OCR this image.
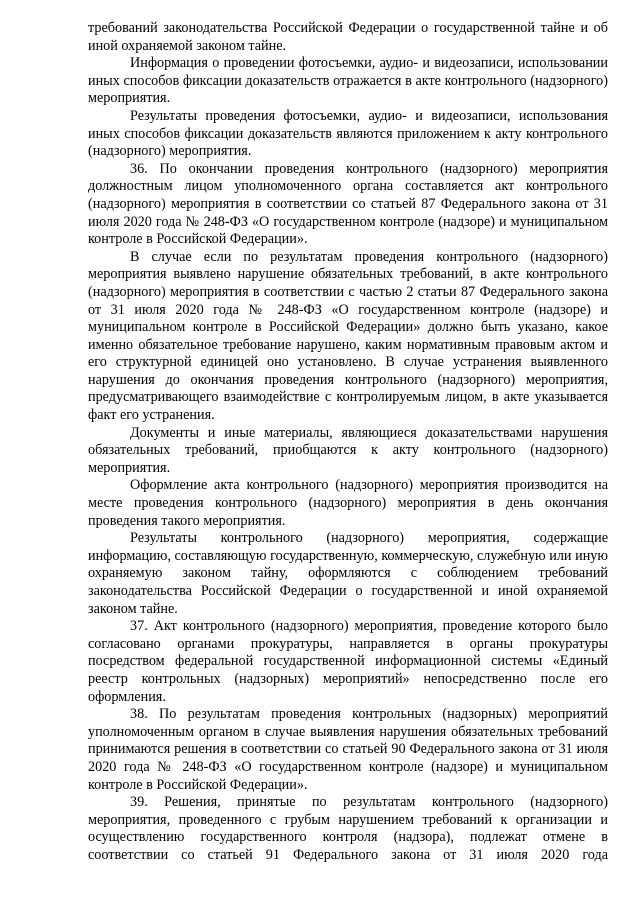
требований законодательства Российской Федерации о государственной тайне и об иной охраняемой законом тайне.

Информация о проведении фотосъемки, аудио- и видеозаписи, использовании иных способов фиксации доказательств отражается в акте контрольного (надзорного) мероприятия.

Результаты проведения фотосъемки, аудио- и видеозаписи, использования иных способов фиксации доказательств являются приложением к акту контрольного (надзорного) мероприятия.

36. По окончании проведения контрольного (надзорного) мероприятия должностным лицом уполномоченного органа составляется акт контрольного (надзорного) мероприятия в соответствии со статьей 87 Федерального закона от 31 июля 2020 года № 248-ФЗ «О государственном контроле (надзоре) и муниципальном контроле в Российской Федерации».

В случае если по результатам проведения контрольного (надзорного) мероприятия выявлено нарушение обязательных требований, в акте контрольного (надзорного) мероприятия в соответствии с частью 2 статьи 87 Федерального закона от 31 июля 2020 года № 248-ФЗ «О государственном контроле (надзоре) и муниципальном контроле в Российской Федерации» должно быть указано, какое именно обязательное требование нарушено, каким нормативным правовым актом и его структурной единицей оно установлено. В случае устранения выявленного нарушения до окончания проведения контрольного (надзорного) мероприятия, предусматривающего взаимодействие с контролируемым лицом, в акте указывается факт его устранения.

Документы и иные материалы, являющиеся доказательствами нарушения обязательных требований, приобщаются к акту контрольного (надзорного) мероприятия.

Оформление акта контрольного (надзорного) мероприятия производится на месте проведения контрольного (надзорного) мероприятия в день окончания проведения такого мероприятия.

Результаты контрольного (надзорного) мероприятия, содержащие информацию, составляющую государственную, коммерческую, служебную или иную охраняемую законом тайну, оформляются с соблюдением требований законодательства Российской Федерации о государственной и иной охраняемой законом тайне.

37. Акт контрольного (надзорного) мероприятия, проведение которого было согласовано органами прокуратуры, направляется в органы прокуратуры посредством федеральной государственной информационной системы «Единый реестр контрольных (надзорных) мероприятий» непосредственно после его оформления.

38. По результатам проведения контрольных (надзорных) мероприятий уполномоченным органом в случае выявления нарушения обязательных требований принимаются решения в соответствии со статьей 90 Федерального закона от 31 июля 2020 года № 248-ФЗ «О государственном контроле (надзоре) и муниципальном контроле в Российской Федерации».

39. Решения, принятые по результатам контрольного (надзорного) мероприятия, проведенного с грубым нарушением требований к организации и осуществлению государственного контроля (надзора), подлежат отмене в соответствии со статьей 91 Федерального закона от 31 июля 2020 года
